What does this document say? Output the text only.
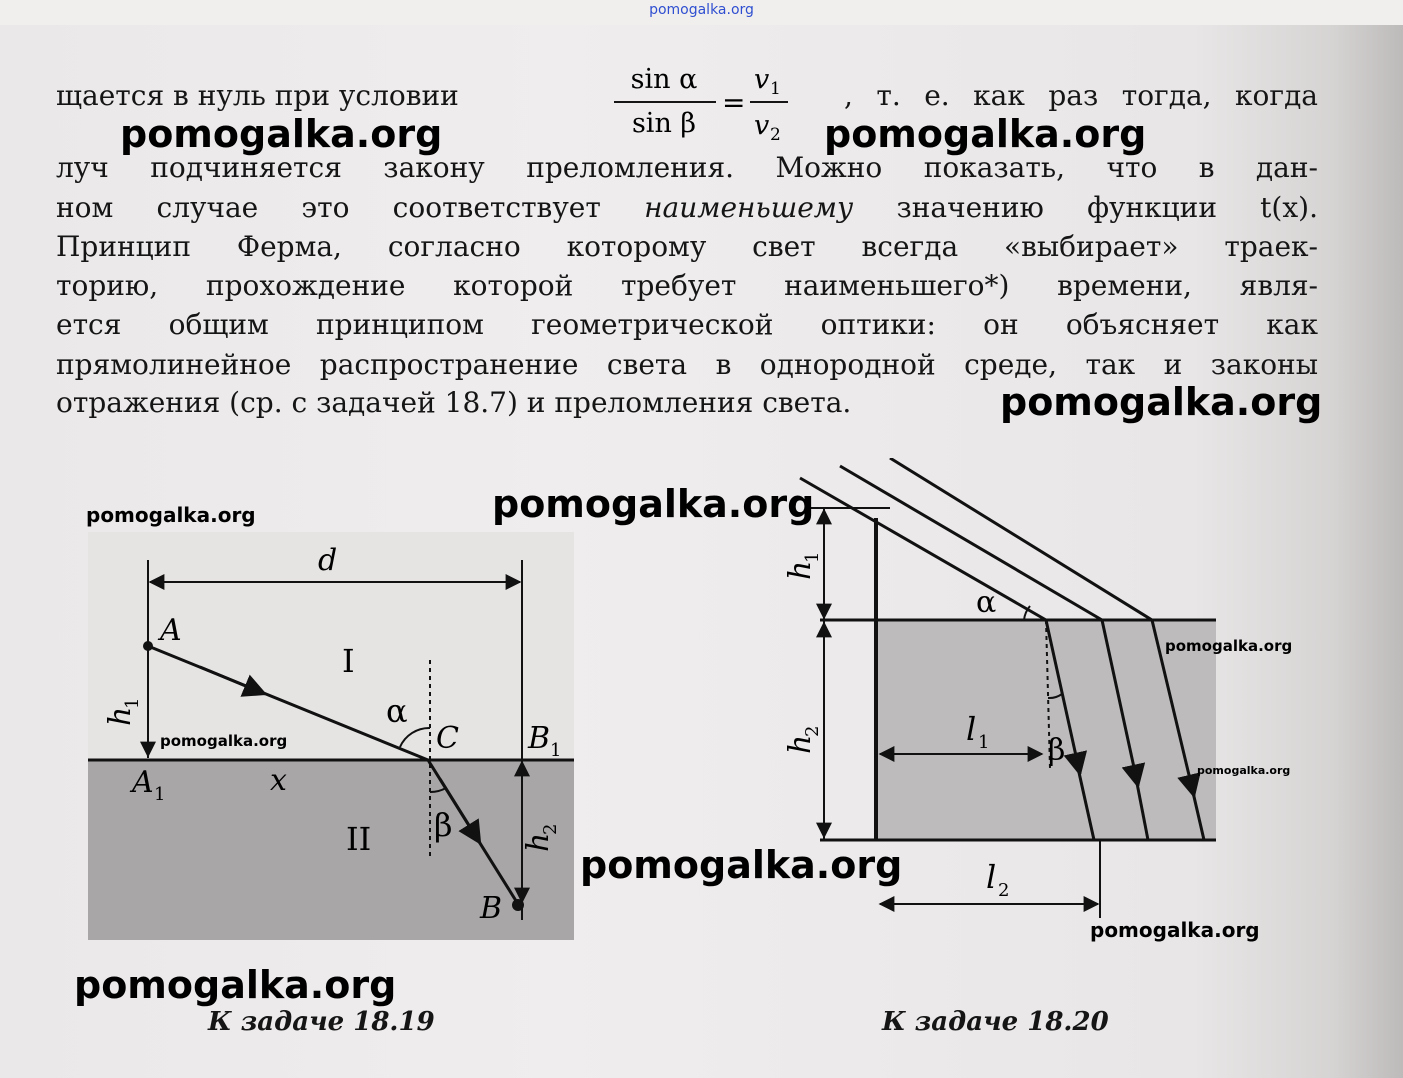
pomogalka.org
щается в нуль при условии	sin α
sin β
=
v 1
v 2
, т. е. как раз тогда, когда
луч подчиняется закону преломления. Можно показать, что в дан-
ном случае это соответствует наименьшему значению функции t(x).
Принцип Ферма, согласно которому свет всегда «выбирает» траек-
торию, прохождение которой требует наименьшего*) времени, явля-
ется общим принципом геометрической оптики: он объясняет как
прямолинейное распространение света в однородной среде, так и законы
отражения (ср. с задачей 18.7) и преломления света.
d
A
I
α
C B 1
A 1	x
II β
B
h
1
h
2
К задаче 18.19
α
β
l 1
l 2
h
1
h
2
К задаче 18.20
pomogalka.org	pomogalka.org
pomogalka.org
pomogalka.org
pomogalka.org
pomogalka.org
pomogalka.org
pomogalka.org
pomogalka.org
pomogalka.org
pomogalka.org
